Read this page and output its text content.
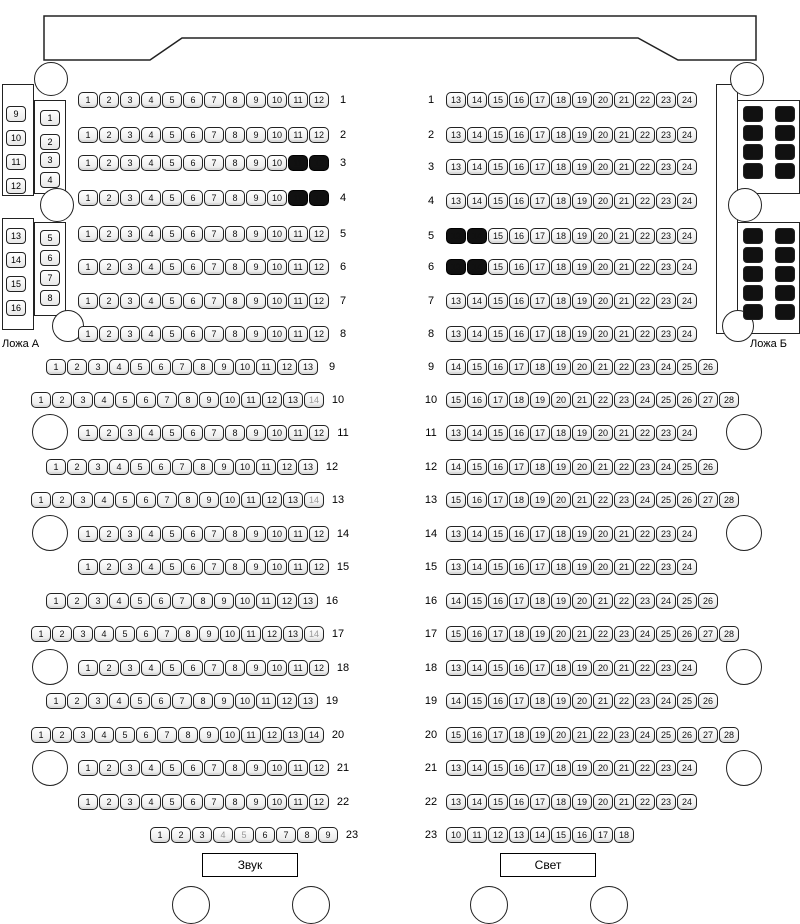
Ложа А	Ложа Б
1 2 3 4 5 6 7 8 9 10 11 12
1 2 3 4 5 6 7 8 9 10 11 12
1 2 3 4 5 6 7 8 9 10 11 12
1 2 3 4 5 6 7 8 9 10 11 12
1 2 3 4 5 6 7 8 9 10 11 12
1 2 3 4 5 6 7 8 9 10 11 12
1 2 3 4 5 6 7 8 9 10 11 12
1 2 3 4 5 6 7 8 9 10 11 12
1 2 3 4 5 6 7 8 9 10 11 12 13
1 2 3 4 5 6 7 8 9 10 11 12 13 14
1 2 3 4 5 6 7 8 9 10 11 12
1 2 3 4 5 6 7 8 9 10 11 12 13
1 2 3 4 5 6 7 8 9 10 11 12 13 14
1 2 3 4 5 6 7 8 9 10 11 12
1 2 3 4 5 6 7 8 9 10 11 12
1 2 3 4 5 6 7 8 9 10 11 12 13
1 2 3 4 5 6 7 8 9 10 11 12 13 14
1 2 3 4 5 6 7 8 9 10 11 12
1 2 3 4 5 6 7 8 9 10 11 12 13
1 2 3 4 5 6 7 8 9 10 11 12 13 14
1 2 3 4 5 6 7 8 9 10 11 12
1 2 3 4 5 6 7 8 9 10 11 12
1 2 3 4 5 6 7 8 9
13 14 15 16 17 18 19 20 21 22 23 24
13 14 15 16 17 18 19 20 21 22 23 24
13 14 15 16 17 18 19 20 21 22 23 24
13 14 15 16 17 18 19 20 21 22 23 24
13 14 15 16 17 18 19 20 21 22 23 24
13 14 15 16 17 18 19 20 21 22 23 24
13 14 15 16 17 18 19 20 21 22 23 24
13 14 15 16 17 18 19 20 21 22 23 24
14 15 16 17 18 19 20 21 22 23 24 25 26
15 16 17 18 19 20 21 22 23 24 25 26 27 28
13 14 15 16 17 18 19 20 21 22 23 24
14 15 16 17 18 19 20 21 22 23 24 25 26
15 16 17 18 19 20 21 22 23 24 25 26 27 28
13 14 15 16 17 18 19 20 21 22 23 24
13 14 15 16 17 18 19 20 21 22 23 24
14 15 16 17 18 19 20 21 22 23 24 25 26
15 16 17 18 19 20 21 22 23 24 25 26 27 28
13 14 15 16 17 18 19 20 21 22 23 24
14 15 16 17 18 19 20 21 22 23 24 25 26
15 16 17 18 19 20 21 22 23 24 25 26 27 28
13 14 15 16 17 18 19 20 21 22 23 24
13 14 15 16 17 18 19 20 21 22 23 24
10 11 12 13 14 15 16 17 18
Звук	Свет
1
2
3
4
5
6
7
8
9
10
11
12
13
14
15
16
17
18
19
20
21
22
23
1
2
3
4
5
6
7
8
9
10
11
12
13
14
15
16
17
18
19
20
21
22
23
9
10
11
12
13
14
15
16
1
2
3
4
5
6
7
8
